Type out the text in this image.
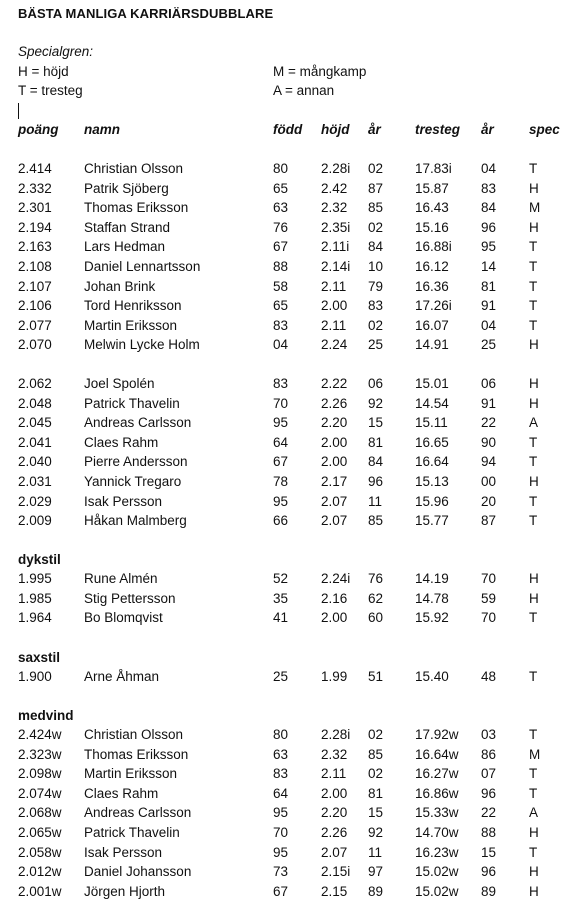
BÄSTA MANLIGA KARRIÄRSDUBBLARE
Specialgren:
H = höjd
T = tresteg
M = mångkamp
A = annan
poäng namn	född höjd år	tresteg år	spec
2.414 Christian Olsson	80 2.28i 02 17.83i 04 T
2.332 Patrik Sjöberg	65 2.42 87 15.87 83 H
2.301 Thomas Eriksson	63 2.32 85 16.43 84 M
2.194 Staffan Strand	76 2.35i 02 15.16 96 H
2.163 Lars Hedman	67 2.11i 84 16.88i 95 T
2.108 Daniel Lennartsson	88 2.14i 10 16.12 14 T
2.107 Johan Brink	58 2.11 79 16.36 81 T
2.106 Tord Henriksson	65 2.00 83 17.26i 91 T
2.077 Martin Eriksson	83 2.11 02 16.07 04 T
2.070 Melwin Lycke Holm	04 2.24 25 14.91 25 H
2.062 Joel Spolén	83 2.22 06 15.01 06 H
2.048 Patrick Thavelin	70 2.26 92 14.54 91 H
2.045 Andreas Carlsson	95 2.20 15 15.11 22 A
2.041 Claes Rahm	64 2.00 81 16.65 90 T
2.040 Pierre Andersson	67 2.00 84 16.64 94 T
2.031 Yannick Tregaro	78 2.17 96 15.13 00 H
2.029 Isak Persson	95 2.07 11 15.96 20 T
2.009 Håkan Malmberg	66 2.07 85 15.77 87 T
dykstil
1.995 Rune Almén	52 2.24i 76 14.19 70 H
1.985 Stig Pettersson	35 2.16 62 14.78 59 H
1.964 Bo Blomqvist	41 2.00 60 15.92 70 T
saxstil
1.900 Arne Åhman	25 1.99 51 15.40 48 T
medvind
2.424w Christian Olsson	80 2.28i 02 17.92w 03 T
2.323w Thomas Eriksson	63 2.32 85 16.64w 86 M
2.098w Martin Eriksson	83 2.11 02 16.27w 07 T
2.074w Claes Rahm	64 2.00 81 16.86w 96 T
2.068w Andreas Carlsson	95 2.20 15 15.33w 22 A
2.065w Patrick Thavelin	70 2.26 92 14.70w 88 H
2.058w Isak Persson	95 2.07 11 16.23w 15 T
2.012w Daniel Johansson	73 2.15i 97 15.02w 96 H
2.001w Jörgen Hjorth	67 2.15 89 15.02w 89 H
